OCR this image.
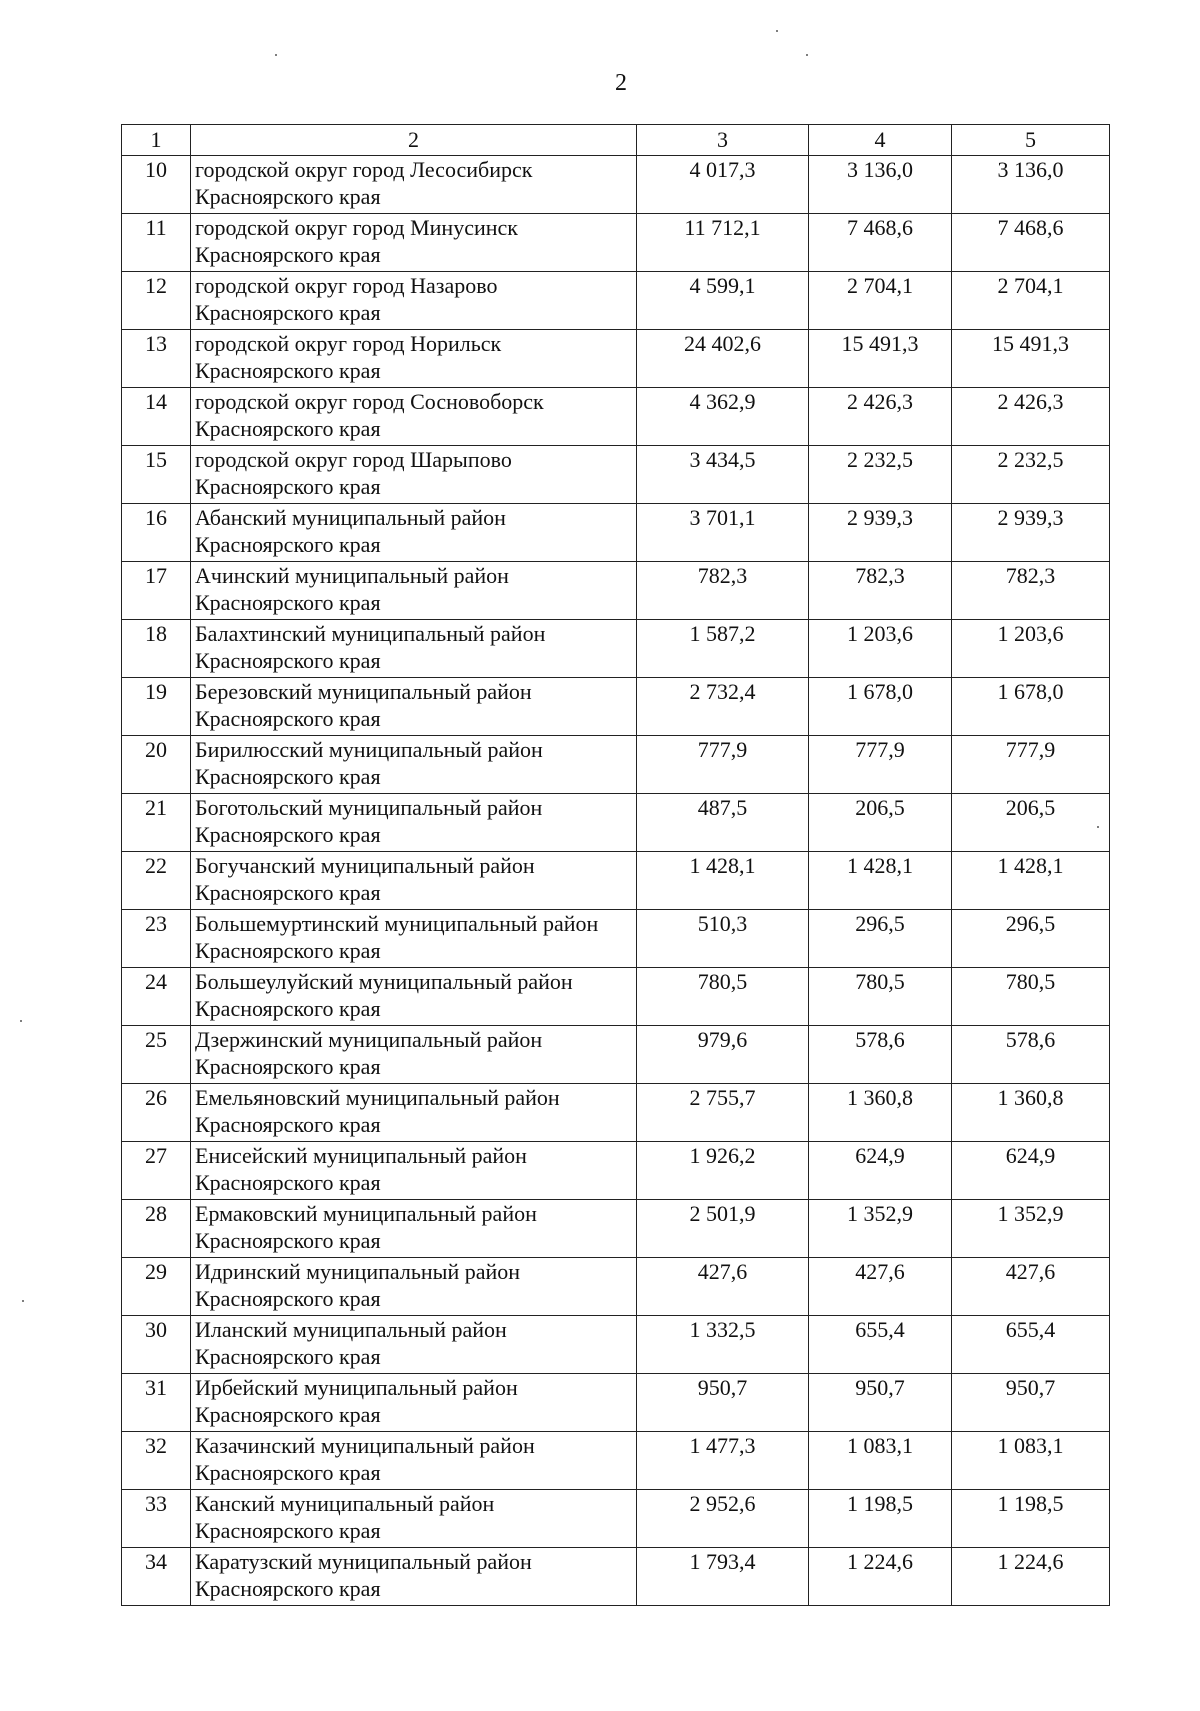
2
1	2	3	4	5
10	городской округ город Лесосибирск Красноярского края	4 017,3	3 136,0	3 136,0
11	городской округ город Минусинск Красноярского края	11 712,1	7 468,6	7 468,6
12	городской округ город Назарово Красноярского края	4 599,1	2 704,1	2 704,1
13	городской округ город Норильск Красноярского края	24 402,6	15 491,3	15 491,3
14	городской округ город Сосновоборск Красноярского края	4 362,9	2 426,3	2 426,3
15	городской округ город Шарыпово Красноярского края	3 434,5	2 232,5	2 232,5
16	Абанский муниципальный район Красноярского края	3 701,1	2 939,3	2 939,3
17	Ачинский муниципальный район Красноярского края	782,3	782,3	782,3
18	Балахтинский муниципальный район Красноярского края	1 587,2	1 203,6	1 203,6
19	Березовский муниципальный район Красноярского края	2 732,4	1 678,0	1 678,0
20	Бирилюсский муниципальный район Красноярского края	777,9	777,9	777,9
21	Боготольский муниципальный район Красноярского края	487,5	206,5	206,5
22	Богучанский муниципальный район Красноярского края	1 428,1	1 428,1	1 428,1
23	Большемуртинский муниципальный район Красноярского края	510,3	296,5	296,5
24	Большеулуйский муниципальный район Красноярского края	780,5	780,5	780,5
25	Дзержинский муниципальный район Красноярского края	979,6	578,6	578,6
26	Емельяновский муниципальный район Красноярского края	2 755,7	1 360,8	1 360,8
27	Енисейский муниципальный район Красноярского края	1 926,2	624,9	624,9
28	Ермаковский муниципальный район Красноярского края	2 501,9	1 352,9	1 352,9
29	Идринский муниципальный район Красноярского края	427,6	427,6	427,6
30	Иланский муниципальный район Красноярского края	1 332,5	655,4	655,4
31	Ирбейский муниципальный район Красноярского края	950,7	950,7	950,7
32	Казачинский муниципальный район Красноярского края	1 477,3	1 083,1	1 083,1
33	Канский муниципальный район Красноярского края	2 952,6	1 198,5	1 198,5
34	Каратузский муниципальный район Красноярского края	1 793,4	1 224,6	1 224,6
